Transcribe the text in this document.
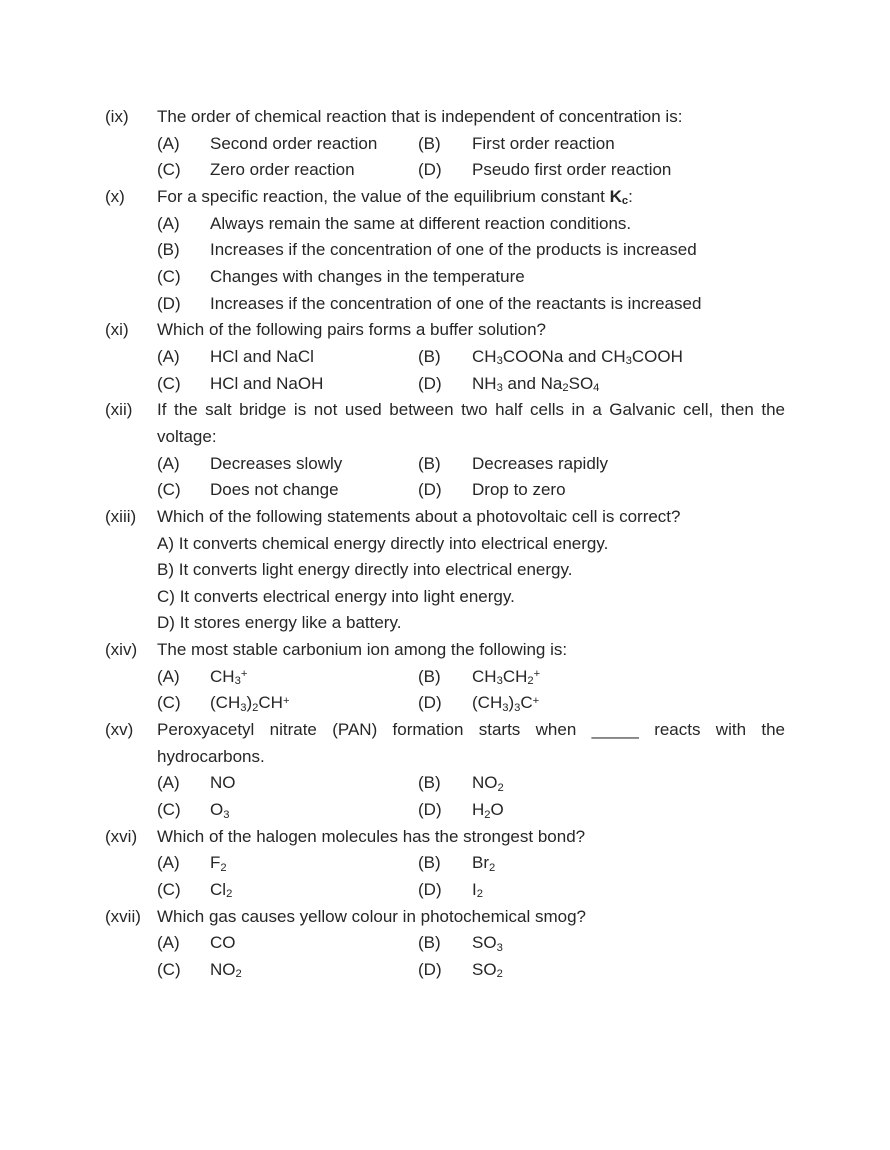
(ix)	The order of chemical reaction that is independent of concentration is:
(A)	Second order reaction	(B)	First order reaction
(C)	Zero order reaction	(D)	Pseudo first order reaction
(x)	For a specific reaction, the value of the equilibrium constant $K_c$:
(A)	Always remain the same at different reaction conditions.
(B)	Increases if the concentration of one of the products is increased
(C)	Changes with changes in the temperature
(D)	Increases if the concentration of one of the reactants is increased
(xi)	Which of the following pairs forms a buffer solution?
(A)	HCl and NaCl	(B)	$CH_3COONa$ and $CH_3COOH$
(C)	HCl and NaOH	(D)	$NH_3$ and $Na_2SO_4$
(xii)	If the salt bridge is not used between two half cells in a Galvanic cell, then the
voltage:
(A)	Decreases slowly	(B)	Decreases rapidly
(C)	Does not change	(D)	Drop to zero
(xiii)	Which of the following statements about a photovoltaic cell is correct?
A) It converts chemical energy directly into electrical energy.
B) It converts light energy directly into electrical energy.
C) It converts electrical energy into light energy.
D) It stores energy like a battery.
(xiv)	The most stable carbonium ion among the following is:
(A)	$CH_3^+$	(B)	$CH_3CH_2^+$
(C)	$(CH_3)_2CH^+$	(D)	$(CH_3)_3C^+$
(xv)	Peroxyacetyl nitrate (PAN) formation starts when _____ reacts with the
hydrocarbons.
(A)	NO	(B)	$NO_2$
(C)	$O_3$	(D)	$H_2O$
(xvi)	Which of the halogen molecules has the strongest bond?
(A)	$F_2$	(B)	$Br_2$
(C)	$Cl_2$	(D)	$I_2$
(xvii) Which gas causes yellow colour in photochemical smog?
(A)	CO	(B)	$SO_3$
(C)	$NO_2$	(D)	$SO_2$
